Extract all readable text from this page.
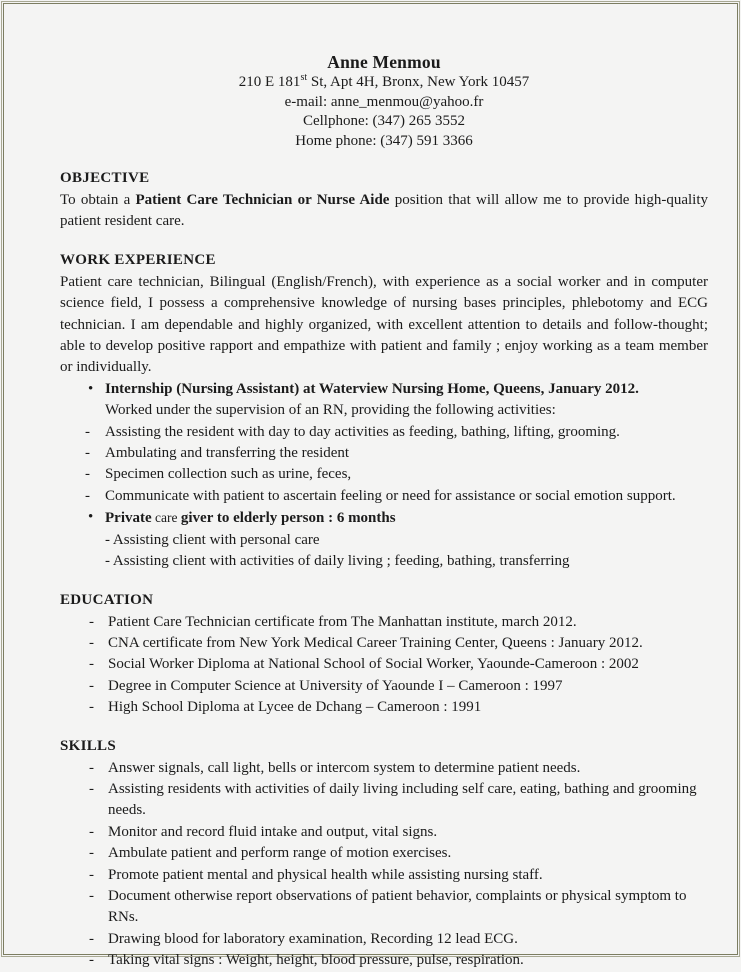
Anne Menmou
210 E 181st St, Apt 4H, Bronx, New York 10457
e-mail: anne_menmou@yahoo.fr
Cellphone: (347) 265 3552
Home phone: (347) 591 3366
OBJECTIVE

To obtain a Patient Care Technician or Nurse Aide position that will allow me to provide high-quality patient resident care.

WORK EXPERIENCE

Patient care technician, Bilingual (English/French), with experience as a social worker and in computer science field, I possess a comprehensive knowledge of nursing bases principles, phlebotomy and ECG technician. I am dependable and highly organized, with excellent attention to details and follow-thought; able to develop positive rapport and empathize with patient and family ; enjoy working as a team member or individually.

• Internship (Nursing Assistant) at Waterview Nursing Home, Queens, January 2012.
Worked under the supervision of an RN, providing the following activities:
- Assisting the resident with day to day activities as feeding, bathing, lifting, grooming.
- Ambulating and transferring the resident
- Specimen collection such as urine, feces,
- Communicate with patient to ascertain feeling or need for assistance or social emotion support.
• Private care giver to elderly person : 6 months
- Assisting client with personal care
- Assisting client with activities of daily living ; feeding, bathing, transferring
EDUCATION
- Patient Care Technician certificate from The Manhattan institute, march 2012.
- CNA certificate from New York Medical Career Training Center, Queens : January 2012.
- Social Worker Diploma at National School of Social Worker, Yaounde-Cameroon : 2002
- Degree in Computer Science at University of Yaounde I – Cameroon : 1997
- High School Diploma at Lycee de Dchang – Cameroon : 1991
SKILLS
- Answer signals, call light, bells or intercom system to determine patient needs.
- Assisting residents with activities of daily living including self care, eating, bathing and grooming needs.
- Monitor and record fluid intake and output, vital signs.
- Ambulate patient and perform range of motion exercises.
- Promote patient mental and physical health while assisting nursing staff.
- Document otherwise report observations of patient behavior, complaints or physical symptom to RNs.
- Drawing blood for laboratory examination, Recording 12 lead ECG.
- Taking vital signs : Weight, height, blood pressure, pulse, respiration.
